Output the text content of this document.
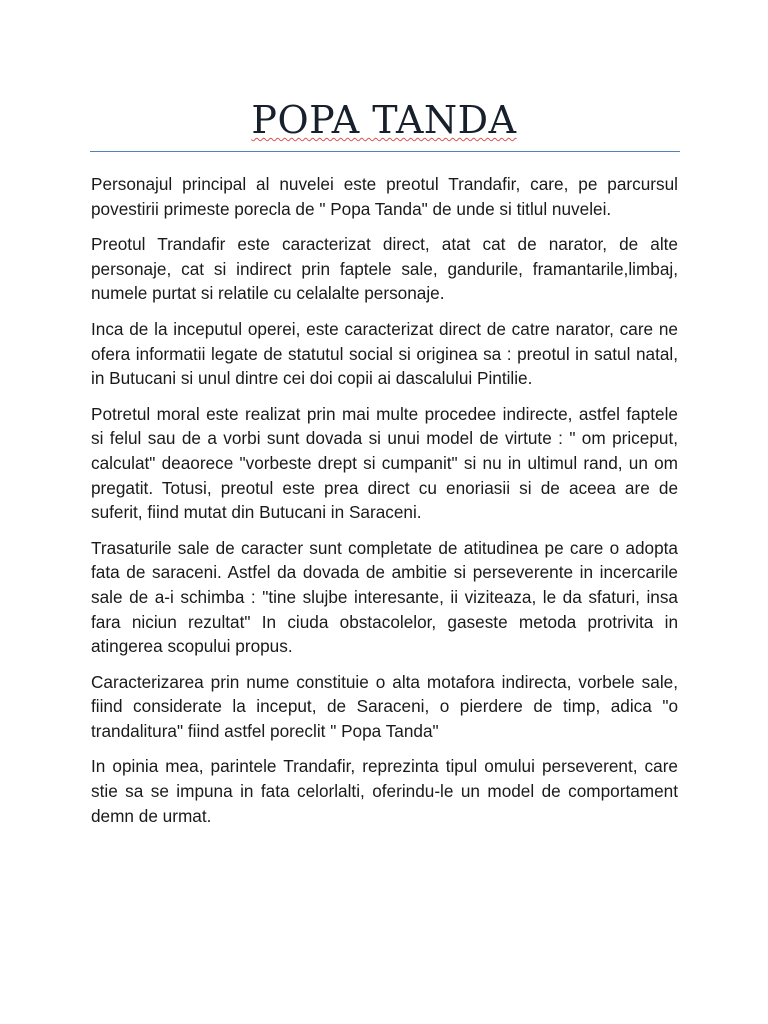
POPA TANDA

Personajul principal al nuvelei este preotul Trandafir, care, pe parcursul povestirii primeste porecla de " Popa Tanda" de unde si titlul nuvelei.

Preotul Trandafir este caracterizat direct, atat cat de narator, de alte personaje, cat si indirect prin faptele sale, gandurile, framantarile,limbaj, numele purtat si relatile cu celalalte personaje.

Inca de la inceputul operei, este caracterizat direct de catre narator, care ne ofera informatii legate de statutul social si originea sa : preotul in satul natal, in Butucani si unul dintre cei doi copii ai dascalului Pintilie.

Potretul moral este realizat prin mai multe procedee indirecte, astfel faptele si felul sau de a vorbi sunt dovada si unui model de virtute : " om priceput, calculat" deaorece "vorbeste drept si cumpanit" si nu in ultimul rand, un om pregatit. Totusi, preotul este prea direct cu enoriasii si de aceea are de suferit, fiind mutat din Butucani in Saraceni.

Trasaturile sale de caracter sunt completate de atitudinea pe care o adopta fata de saraceni. Astfel da dovada de ambitie si perseverente in incercarile sale de a-i schimba : "tine slujbe interesante, ii viziteaza, le da sfaturi, insa fara niciun rezultat" In ciuda obstacolelor, gaseste metoda protrivita in atingerea scopului propus.

Caracterizarea prin nume constituie o alta motafora indirecta, vorbele sale, fiind considerate la inceput, de Saraceni, o pierdere de timp, adica "o trandalitura" fiind astfel poreclit " Popa Tanda"

In opinia mea, parintele Trandafir, reprezinta tipul omului perseverent, care stie sa se impuna in fata celorlalti, oferindu-le un model de comportament demn de urmat.
